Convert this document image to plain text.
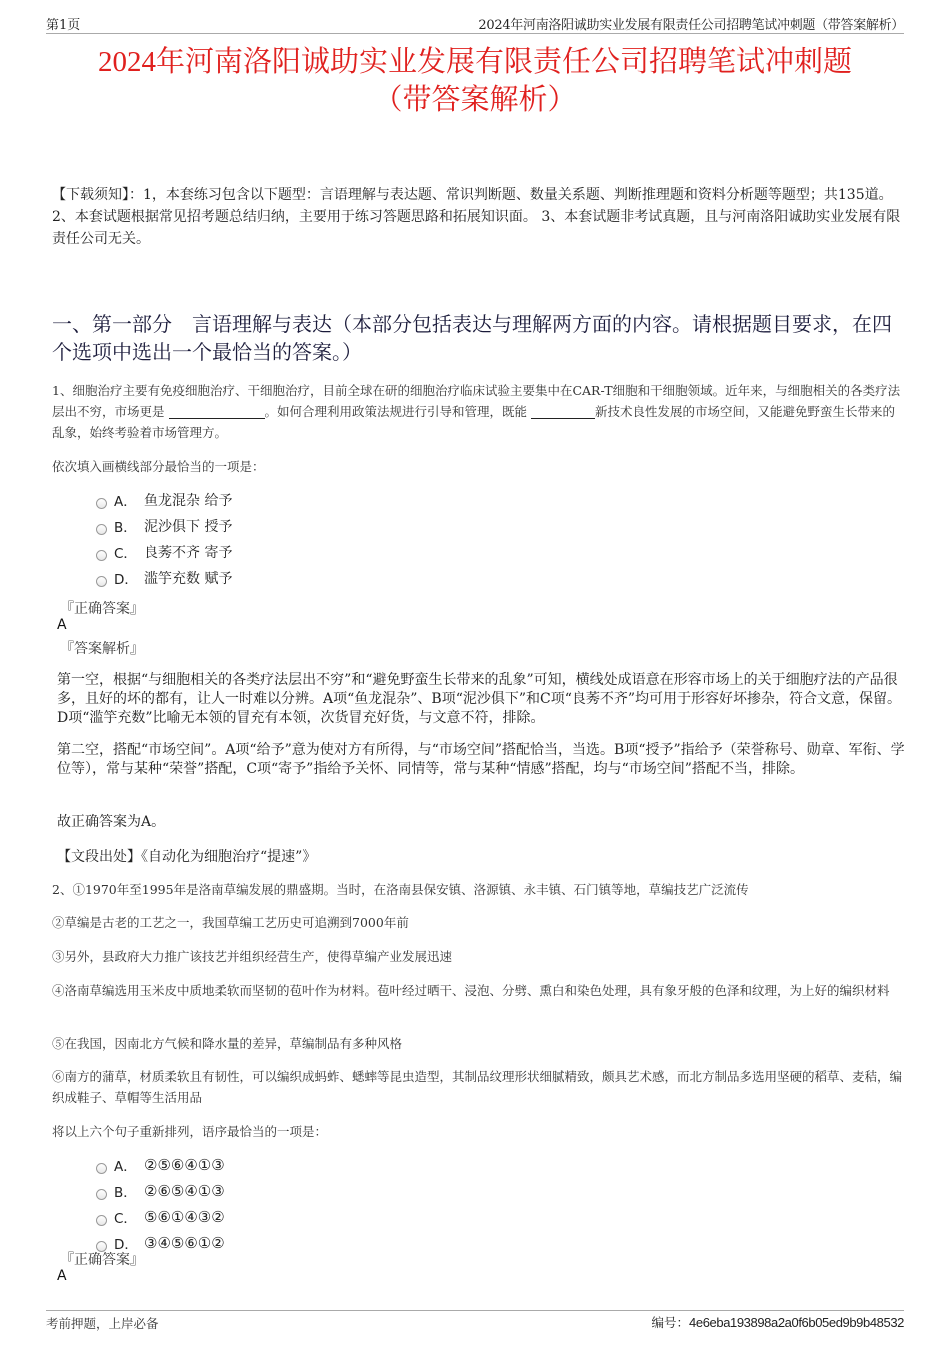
第1页	2024年河南洛阳诚助实业发展有限责任公司招聘笔试冲刺题（带答案解析）
2024年河南洛阳诚助实业发展有限责任公司招聘笔试冲刺题
（带答案解析）
【下载须知】：1，本套练习包含以下题型：言语理解与表达题、常识判断题、数量关系题、判断推理题和资料分析题等题型；共135道。 2、本套试题根据常见招考题总结归纳，主要用于练习答题思路和拓展知识面。 3、本套试题非考试真题，且与河南洛阳诚助实业发展有限责任公司无关。
一、第一部分　言语理解与表达（本部分包括表达与理解两方面的内容。请根据题目要求，在四个选项中选出一个最恰当的答案。）
1、细胞治疗主要有免疫细胞治疗、干细胞治疗，目前全球在研的细胞治疗临床试验主要集中在CAR-T细胞和干细胞领域。近年来，与细胞相关的各类疗法层出不穷，市场更是	。如何合理利用政策法规进行引导和管理，既能	新技术良性发展的市场空间，又能避免野蛮生长带来的乱象，始终考验着市场管理方。
依次填入画横线部分最恰当的一项是：
A． 鱼龙混杂 给予
B． 泥沙俱下 授予
C． 良莠不齐 寄予
D． 滥竽充数 赋予
『正确答案』
A
『答案解析』
第一空，根据“与细胞相关的各类疗法层出不穷”和“避免野蛮生长带来的乱象”可知，横线处成语意在形容市场上的关于细胞疗法的产品很多，且好的坏的都有，让人一时难以分辨。A项“鱼龙混杂”、B项“泥沙俱下”和C项“良莠不齐”均可用于形容好坏掺杂，符合文意，保留。D项“滥竽充数”比喻无本领的冒充有本领，次货冒充好货，与文意不符，排除。
第二空，搭配“市场空间”。A项“给予”意为使对方有所得，与“市场空间”搭配恰当，当选。B项“授予”指给予（荣誉称号、勋章、军衔、学位等），常与某种“荣誉”搭配，C项“寄予”指给予关怀、同情等，常与某种“情感”搭配，均与“市场空间”搭配不当，排除。
故正确答案为A。
【文段出处】《自动化为细胞治疗“提速”》
2、①1970年至1995年是洛南草编发展的鼎盛期。当时，在洛南县保安镇、洛源镇、永丰镇、石门镇等地，草编技艺广泛流传
②草编是古老的工艺之一，我国草编工艺历史可追溯到7000年前
③另外，县政府大力推广该技艺并组织经营生产，使得草编产业发展迅速
④洛南草编选用玉米皮中质地柔软而坚韧的苞叶作为材料。苞叶经过晒干、浸泡、分劈、熏白和染色处理，具有象牙般的色泽和纹理，为上好的编织材料
⑤在我国，因南北方气候和降水量的差异，草编制品有多种风格
⑥南方的蒲草，材质柔软且有韧性，可以编织成蚂蚱、蟋蟀等昆虫造型，其制品纹理形状细腻精致，颇具艺术感，而北方制品多选用坚硬的稻草、麦秸，编织成鞋子、草帽等生活用品
将以上六个句子重新排列，语序最恰当的一项是：
A． ②⑤⑥④①③
B． ②⑥⑤④①③
C． ⑤⑥①④③②
D． ③④⑤⑥①②
『正确答案』
A
考前押题，上岸必备	编号：4e6eba193898a2a0f6b05ed9b9b48532
